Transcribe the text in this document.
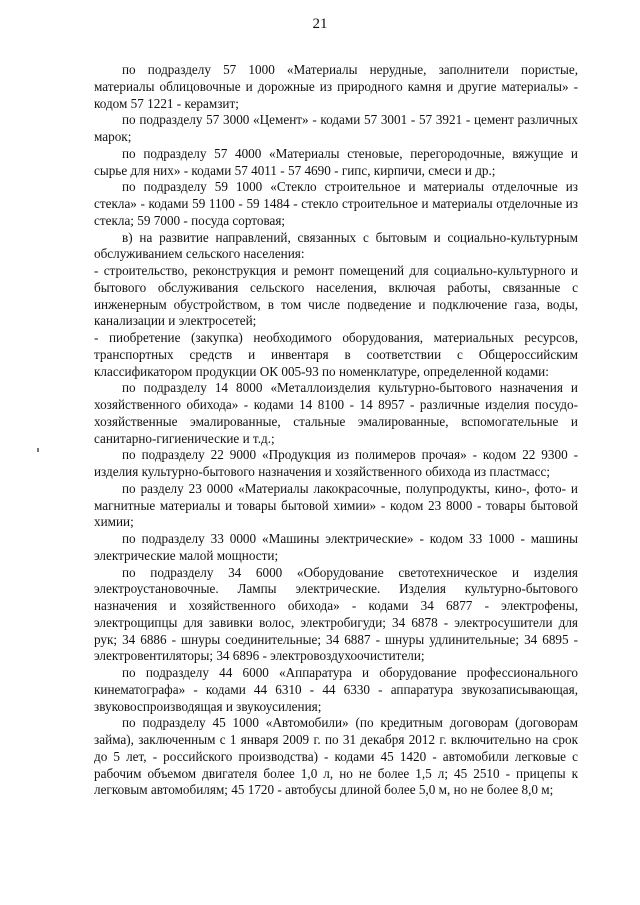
21

по подразделу 57 1000 «Материалы нерудные, заполнители пористые, материалы облицовочные и дорожные из природного камня и другие материалы» - кодом 57 1221 - керамзит;

по подразделу 57 3000 «Цемент» - кодами 57 3001 - 57 3921 - цемент различных марок;

по подразделу 57 4000 «Материалы стеновые, перегородочные, вяжущие и сырье для них» - кодами 57 4011 - 57 4690 - гипс, кирпичи, смеси и др.;

по подразделу 59 1000 «Стекло строительное и материалы отделочные из стекла» - кодами 59 1100 - 59 1484 - стекло строительное и материалы отделочные из стекла; 59 7000 - посуда сортовая;

в) на развитие направлений, связанных с бытовым и социально-культурным обслуживанием сельского населения:

- строительство, реконструкция и ремонт помещений для социально-культурного и бытового обслуживания сельского населения, включая работы, связанные с инженерным обустройством, в том числе подведение и подключение газа, воды, канализации и электросетей;

- пиобретение (закупка) необходимого оборудования, материальных ресурсов, транспортных средств и инвентаря в соответствии с Общероссийским классификатором продукции ОК 005-93 по номенклатуре, определенной кодами:

по подразделу 14 8000 «Металлоизделия культурно-бытового назначения и хозяйственного обихода» - кодами 14 8100 - 14 8957 - различные изделия посудо-хозяйственные эмалированные, стальные эмалированные, вспомогательные и санитарно-гигиенические и т.д.;

по подразделу 22 9000 «Продукция из полимеров прочая» - кодом 22 9300 - изделия культурно-бытового назначения и хозяйственного обихода из пластмасс;

по разделу 23 0000 «Материалы лакокрасочные, полупродукты, кино-, фото- и магнитные материалы и товары бытовой химии» - кодом 23 8000 - товары бытовой химии;

по подразделу 33 0000 «Машины электрические» - кодом 33 1000 - машины электрические малой мощности;

по подразделу 34 6000 «Оборудование светотехническое и изделия электроустановочные. Лампы электрические. Изделия культурно-бытового назначения и хозяйственного обихода» - кодами 34 6877 - электрофены, электрощипцы для завивки волос, электробигуди; 34 6878 - электросушители для рук; 34 6886 - шнуры соединительные; 34 6887 - шнуры удлинительные; 34 6895 - электровентиляторы; 34 6896 - электровоздухоочистители;

по подразделу 44 6000 «Аппаратура и оборудование профессионального кинематографа» - кодами 44 6310 - 44 6330 - аппаратура звукозаписывающая, звуковоспроизводящая и звукоусиления;

по подразделу 45 1000 «Автомобили» (по кредитным договорам (договорам займа), заключенным с 1 января 2009 г. по 31 декабря 2012 г. включительно на срок до 5 лет, - российского производства) - кодами 45 1420 - автомобили легковые с рабочим объемом двигателя более 1,0 л, но не более 1,5 л; 45 2510 - прицепы к легковым автомобилям; 45 1720 - автобусы длиной более 5,0 м, но не более 8,0 м;
